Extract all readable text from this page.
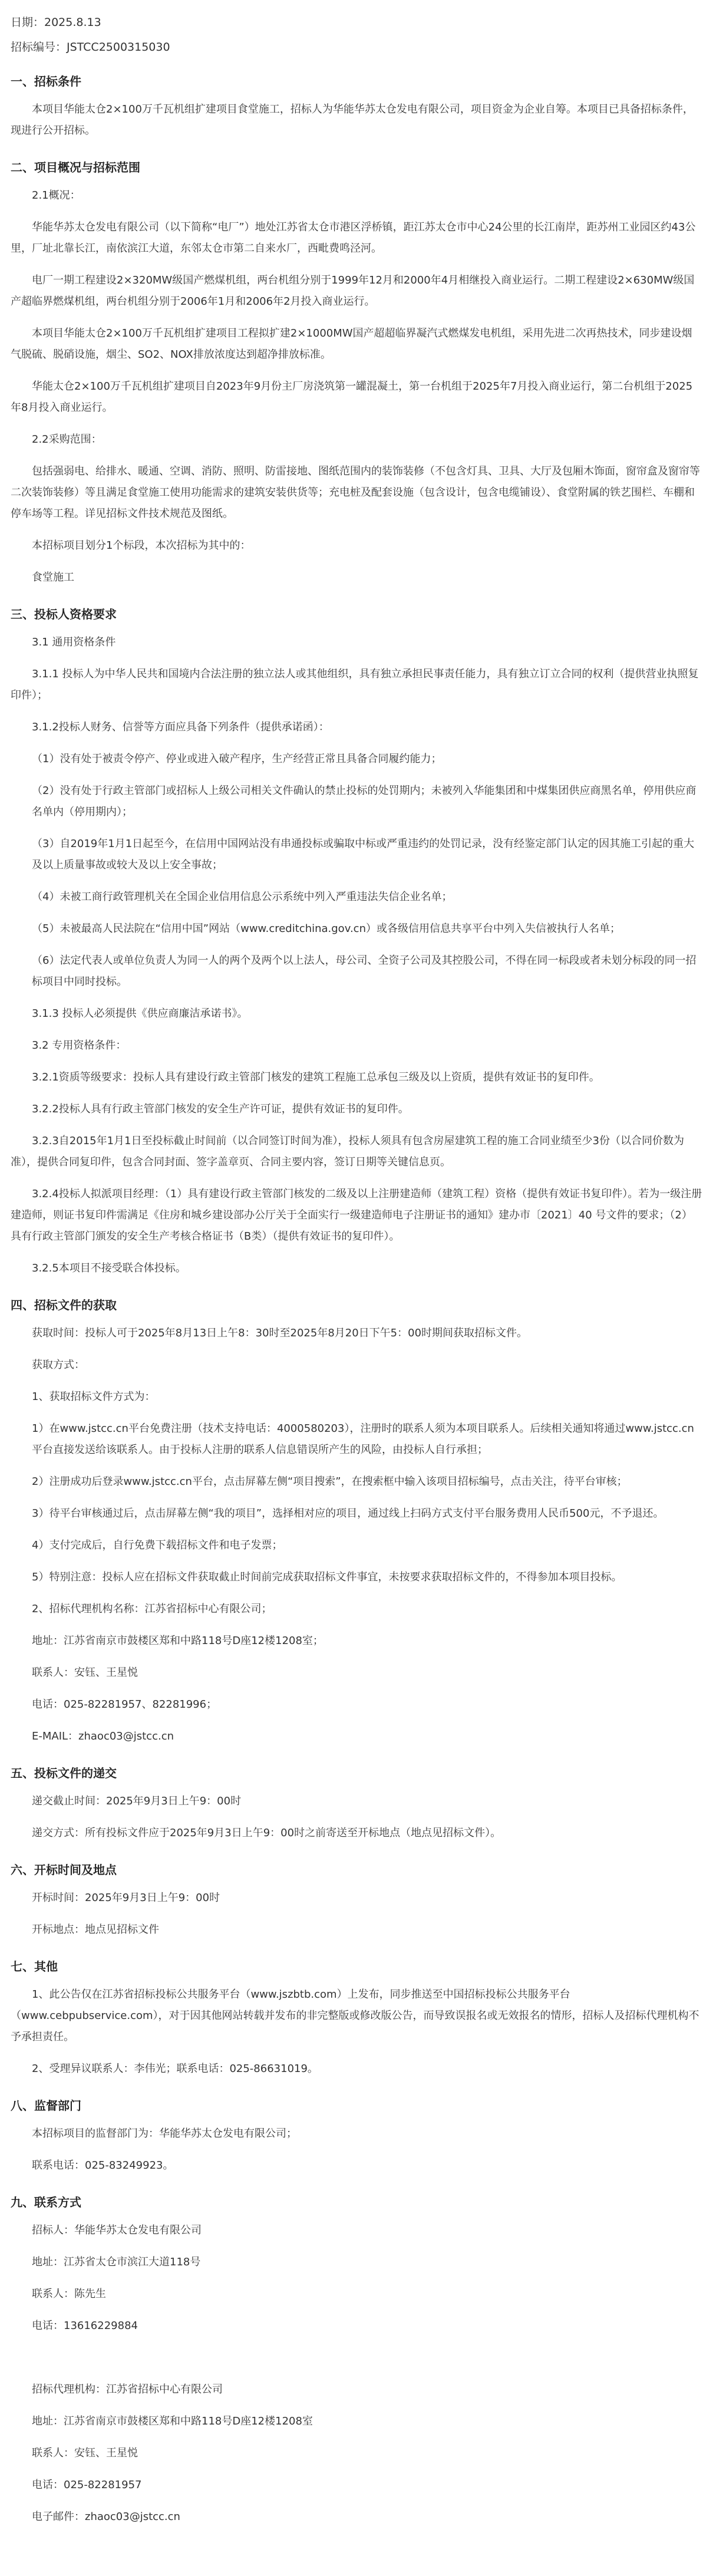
日期：2025.8.13

招标编号：JSTCC2500315030

一、招标条件

本项目华能太仓2×100万千瓦机组扩建项目食堂施工，招标人为华能华苏太仓发电有限公司，项目资金为企业自筹。本项目已具备招标条件，现进行公开招标。

二、项目概况与招标范围

2.1概况：

华能华苏太仓发电有限公司（以下简称“电厂”）地处江苏省太仓市港区浮桥镇，距江苏太仓市中心24公里的长江南岸，距苏州工业园区约43公里，厂址北靠长江，南依滨江大道，东邻太仓市第二自来水厂，西毗费鸣泾河。

电厂一期工程建设2×320MW级国产燃煤机组，两台机组分别于1999年12月和2000年4月相继投入商业运行。二期工程建设2×630MW级国产超临界燃煤机组，两台机组分别于2006年1月和2006年2月投入商业运行。

本项目华能太仓2×100万千瓦机组扩建项目工程拟扩建2×1000MW国产超超临界凝汽式燃煤发电机组，采用先进二次再热技术，同步建设烟气脱硫、脱硝设施，烟尘、SO2、NOX排放浓度达到超净排放标准。

华能太仓2×100万千瓦机组扩建项目自2023年9月份主厂房浇筑第一罐混凝土，第一台机组于2025年7月投入商业运行，第二台机组于2025年8月投入商业运行。

2.2采购范围：

包括强弱电、给排水、暖通、空调、消防、照明、防雷接地、图纸范围内的装饰装修（不包含灯具、卫具、大厅及包厢木饰面，窗帘盒及窗帘等二次装饰装修）等且满足食堂施工使用功能需求的建筑安装供货等；充电桩及配套设施（包含设计，包含电缆铺设）、食堂附属的铁艺围栏、车棚和停车场等工程。详见招标文件技术规范及图纸。

本招标项目划分1个标段，本次招标为其中的：

食堂施工

三、投标人资格要求

3.1 通用资格条件

3.1.1 投标人为中华人民共和国境内合法注册的独立法人或其他组织，具有独立承担民事责任能力，具有独立订立合同的权利（提供营业执照复印件）；

3.1.2投标人财务、信誉等方面应具备下列条件（提供承诺函）：

（1）没有处于被责令停产、停业或进入破产程序，生产经营正常且具备合同履约能力；

（2）没有处于行政主管部门或招标人上级公司相关文件确认的禁止投标的处罚期内；未被列入华能集团和中煤集团供应商黑名单，停用供应商名单内（停用期内）；

（3）自2019年1月1日起至今，在信用中国网站没有串通投标或骗取中标或严重违约的处罚记录，没有经鉴定部门认定的因其施工引起的重大及以上质量事故或较大及以上安全事故；

（4）未被工商行政管理机关在全国企业信用信息公示系统中列入严重违法失信企业名单；

（5）未被最高人民法院在“信用中国”网站（www.creditchina.gov.cn）或各级信用信息共享平台中列入失信被执行人名单；

（6）法定代表人或单位负责人为同一人的两个及两个以上法人，母公司、全资子公司及其控股公司，不得在同一标段或者未划分标段的同一招标项目中同时投标。

3.1.3 投标人必须提供《供应商廉洁承诺书》。

3.2 专用资格条件：

3.2.1资质等级要求：投标人具有建设行政主管部门核发的建筑工程施工总承包三级及以上资质，提供有效证书的复印件。

3.2.2投标人具有行政主管部门核发的安全生产许可证，提供有效证书的复印件。

3.2.3自2015年1月1日至投标截止时间前（以合同签订时间为准），投标人须具有包含房屋建筑工程的施工合同业绩至少3份（以合同价数为准），提供合同复印件，包含合同封面、签字盖章页、合同主要内容，签订日期等关键信息页。

3.2.4投标人拟派项目经理：（1）具有建设行政主管部门核发的二级及以上注册建造师（建筑工程）资格（提供有效证书复印件）。若为一级注册建造师，则证书复印件需满足《住房和城乡建设部办公厅关于全面实行一级建造师电子注册证书的通知》建办市〔2021〕40 号文件的要求；（2）具有行政主管部门颁发的安全生产考核合格证书（B类）（提供有效证书的复印件）。

3.2.5本项目不接受联合体投标。

四、招标文件的获取

获取时间：投标人可于2025年8月13日上午8：30时至2025年8月20日下午5：00时期间获取招标文件。

获取方式：

1、获取招标文件方式为：

1）在www.jstcc.cn平台免费注册（技术支持电话：4000580203），注册时的联系人须为本项目联系人。后续相关通知将通过www.jstcc.cn平台直接发送给该联系人。由于投标人注册的联系人信息错误所产生的风险，由投标人自行承担；

2）注册成功后登录www.jstcc.cn平台，点击屏幕左侧“项目搜索”，在搜索框中输入该项目招标编号，点击关注，待平台审核；

3）待平台审核通过后，点击屏幕左侧“我的项目”，选择相对应的项目，通过线上扫码方式支付平台服务费用人民币500元，不予退还。

4）支付完成后，自行免费下载招标文件和电子发票；

5）特别注意：投标人应在招标文件获取截止时间前完成获取招标文件事宜，未按要求获取招标文件的，不得参加本项目投标。

2、招标代理机构名称：江苏省招标中心有限公司；

地址：江苏省南京市鼓楼区郑和中路118号D座12楼1208室；

联系人：安钰、王星悦

电话：025-82281957、82281996；

E-MAIL：zhaoc03@jstcc.cn

五、投标文件的递交

递交截止时间：2025年9月3日上午9：00时

递交方式：所有投标文件应于2025年9月3日上午9：00时之前寄送至开标地点（地点见招标文件）。

六、开标时间及地点

开标时间：2025年9月3日上午9：00时

开标地点：地点见招标文件

七、其他

1、此公告仅在江苏省招标投标公共服务平台（www.jszbtb.com）上发布，同步推送至中国招标投标公共服务平台（www.cebpubservice.com），对于因其他网站转载并发布的非完整版或修改版公告，而导致误报名或无效报名的情形，招标人及招标代理机构不予承担责任。

2、受理异议联系人：李伟光；联系电话：025-86631019。

八、监督部门

本招标项目的监督部门为：华能华苏太仓发电有限公司；

联系电话：025-83249923。

九、联系方式

招标人：华能华苏太仓发电有限公司

地址：江苏省太仓市滨江大道118号

联系人：陈先生

电话：13616229884

招标代理机构：江苏省招标中心有限公司

地址：江苏省南京市鼓楼区郑和中路118号D座12楼1208室

联系人：安钰、王星悦

电话：025-82281957

电子邮件：zhaoc03@jstcc.cn
